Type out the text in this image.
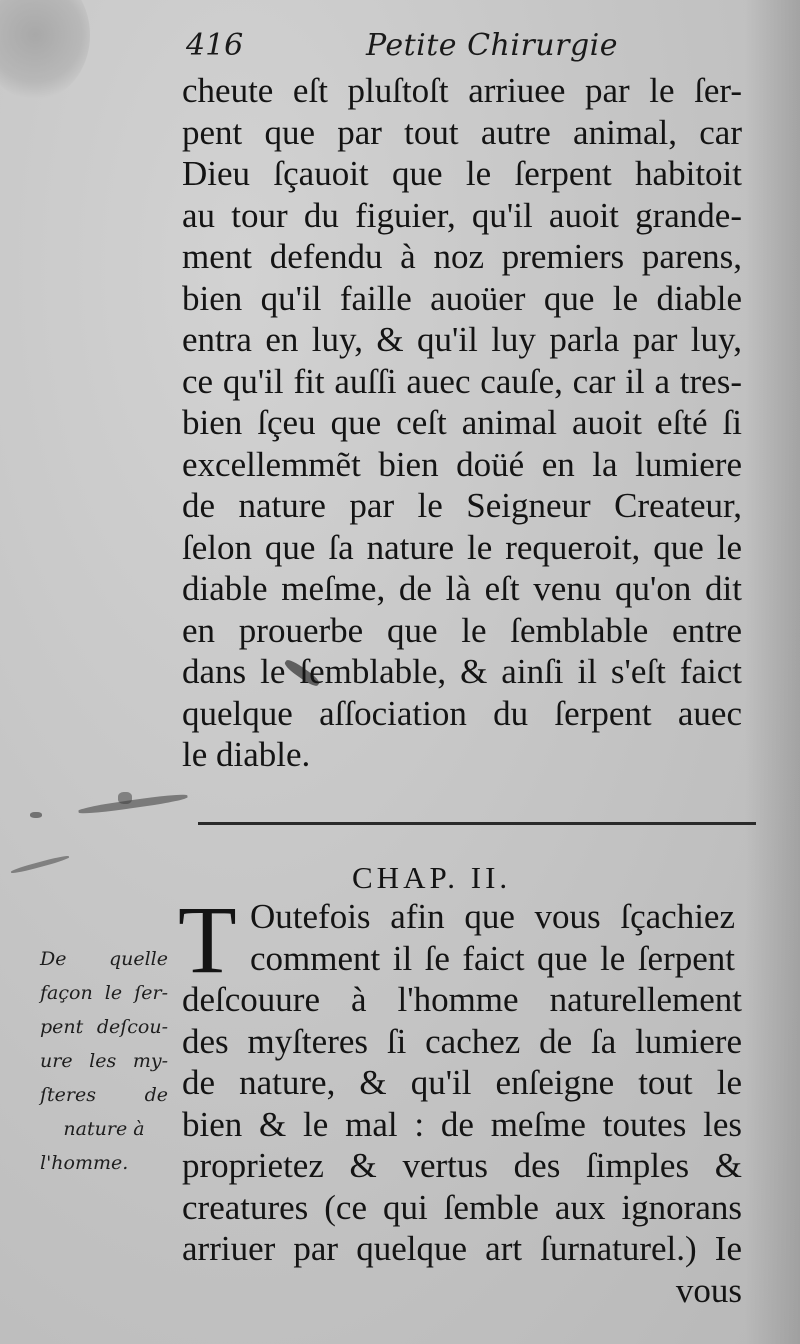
416	Petite Chirurgie
cheute eſt pluſtoſt arriuee par le ſer-
pent que par tout autre animal, car
Dieu ſçauoit que le ſerpent habitoit
au tour du figuier, qu'il auoit grande-
ment defendu à noz premiers parens,
bien qu'il faille auoüer que le diable
entra en luy, & qu'il luy parla par luy,
ce qu'il fit auſſi auec cauſe, car il a tres-
bien ſçeu que ceſt animal auoit eſté ſi
excellemmẽt bien doüé en la lumiere
de nature par le Seigneur Createur,
ſelon que ſa nature le requeroit, que le
diable meſme, de là eſt venu qu'on dit
en prouerbe que le ſemblable entre
dans le ſemblable, & ainſi il s'eſt faict
quelque aſſociation du ſerpent auec
le diable.
CHAP. II.
T Outefois afin que vous ſçachiez
comment il ſe faict que le ſerpent
deſcouure à l'homme naturellement
des myſteres ſi cachez de ſa lumiere
de nature, & qu'il enſeigne tout le
bien & le mal : de meſme toutes les
proprietez & vertus des ſimples &
creatures (ce qui ſemble aux ignorans
arriuer par quelque art ſurnaturel.) Ie
vous
De quelle
façon le ſer-
pent deſcou-
ure les my-
ſteres de
nature à
l'homme.
